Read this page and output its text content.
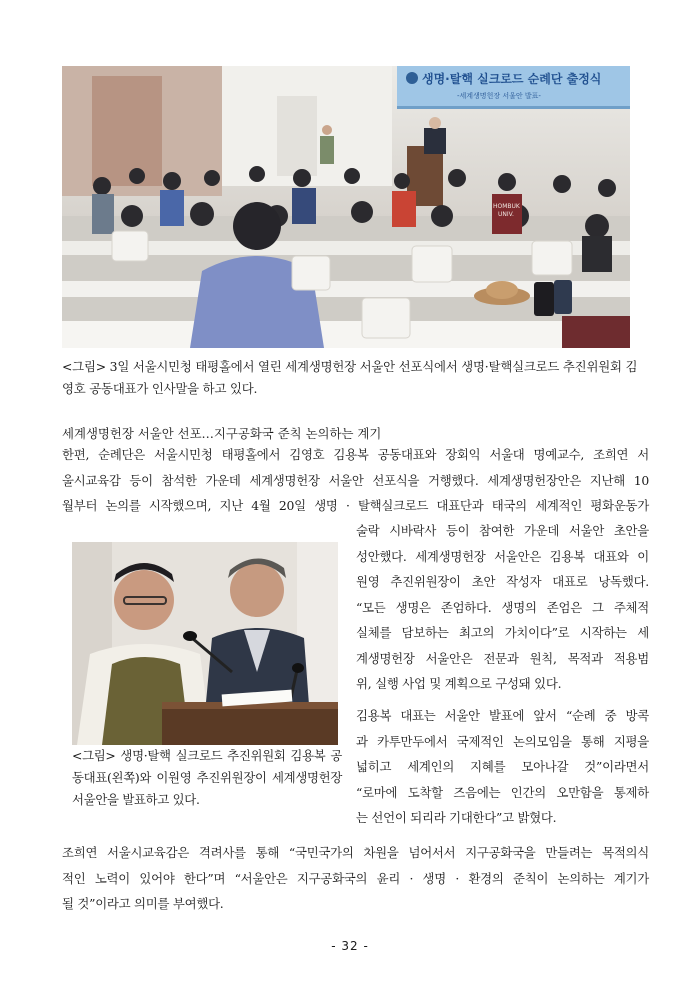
생명·탈핵 실크로드 순례단 출정식
-세계생명헌장 서울안 발표-
HOMBUK
UNIV.
<그림> 3일 서울시민청 태평홀에서 열린 세계생명헌장 서울안 선포식에서 생명·탈핵실크로드 추진위원회 김영호 공동대표가 인사말을 하고 있다.
세계생명헌장 서울안 선포…지구공화국 준칙 논의하는 계기

한편, 순례단은 서울시민청 태평홀에서 김영호 김용복 공동대표와 장회익 서울대 명예교수, 조희연 서

울시교육감 등이 참석한 가운데 세계생명헌장 서울안 선포식을 거행했다. 세계생명헌장안은 지난해 10

월부터 논의를 시작했으며, 지난 4월 20일 생명 · 탈핵실크로드 대표단과 태국의 세계적인 평화운동가

<그림> 생명·탈핵 실크로드 추진위원회 김용복 공동대표(왼쪽)와 이원영 추진위원장이 세계생명헌장 서울안을 발표하고 있다.

술락 시바락사 등이 참여한 가운데 서울안 초안을

성안했다. 세계생명헌장 서울안은 김용복 대표와 이

원영 추진위원장이 초안 작성자 대표로 낭독했다.

“모든 생명은 존엄하다. 생명의 존엄은 그 주체적

실체를 담보하는 최고의 가치이다”로 시작하는 세

계생명헌장 서울안은 전문과 원칙, 목적과 적용범

위, 실행 사업 및 계획으로 구성돼 있다.

김용복 대표는 서울안 발표에 앞서 “순례 중 방콕

과 카투만두에서 국제적인 논의모임을 통해 지평을

넓히고 세계인의 지혜를 모아나갈 것”이라면서

“로마에 도착할 즈음에는 인간의 오만함을 통제하

는 선언이 되리라 기대한다”고 밝혔다.

조희연 서울시교육감은 격려사를 통해 “국민국가의 차원을 넘어서서 지구공화국을 만들려는 목적의식

적인 노력이 있어야 한다”며 “서울안은 지구공화국의 윤리 · 생명 · 환경의 준칙이 논의하는 계기가

될 것”이라고 의미를 부여했다.

- 32 -
